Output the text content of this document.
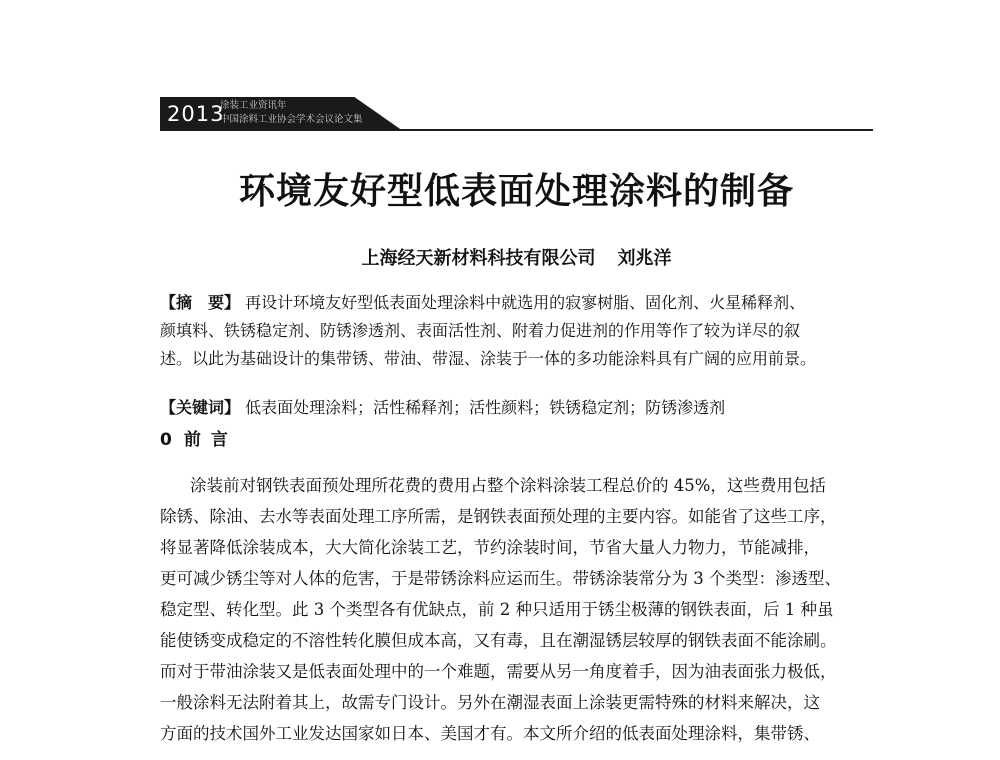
2013
涂装工业资讯年
中国涂料工业协会学术会议论文集
环境友好型低表面处理涂料的制备
上海经天新材料科技有限公司 刘兆洋
【摘　要】 再设计环境友好型低表面处理涂料中就选用的寂寥树脂、固化剂、火星稀释剂、
颜填料、铁锈稳定剂、防锈渗透剂、表面活性剂、附着力促进剂的作用等作了较为详尽的叙
述。以此为基础设计的集带锈、带油、带湿、涂装于一体的多功能涂料具有广阔的应用前景。
【关键词】 低表面处理涂料；活性稀释剂；活性颜料；铁锈稳定剂；防锈渗透剂
0 前言
涂装前对钢铁表面预处理所花费的费用占整个涂料涂装工程总价的 45%，这些费用包括
除锈、除油、去水等表面处理工序所需，是钢铁表面预处理的主要内容。如能省了这些工序，
将显著降低涂装成本，大大简化涂装工艺，节约涂装时间，节省大量人力物力，节能减排，
更可减少锈尘等对人体的危害，于是带锈涂料应运而生。带锈涂装常分为 3 个类型：渗透型、
稳定型、转化型。此 3 个类型各有优缺点，前 2 种只适用于锈尘极薄的钢铁表面，后 1 种虽
能使锈变成稳定的不溶性转化膜但成本高，又有毒，且在潮湿锈层较厚的钢铁表面不能涂刷。
而对于带油涂装又是低表面处理中的一个难题，需要从另一角度着手，因为油表面张力极低，
一般涂料无法附着其上，故需专门设计。另外在潮湿表面上涂装更需特殊的材料来解决，这
方面的技术国外工业发达国家如日本、美国才有。本文所介绍的低表面处理涂料，集带锈、
